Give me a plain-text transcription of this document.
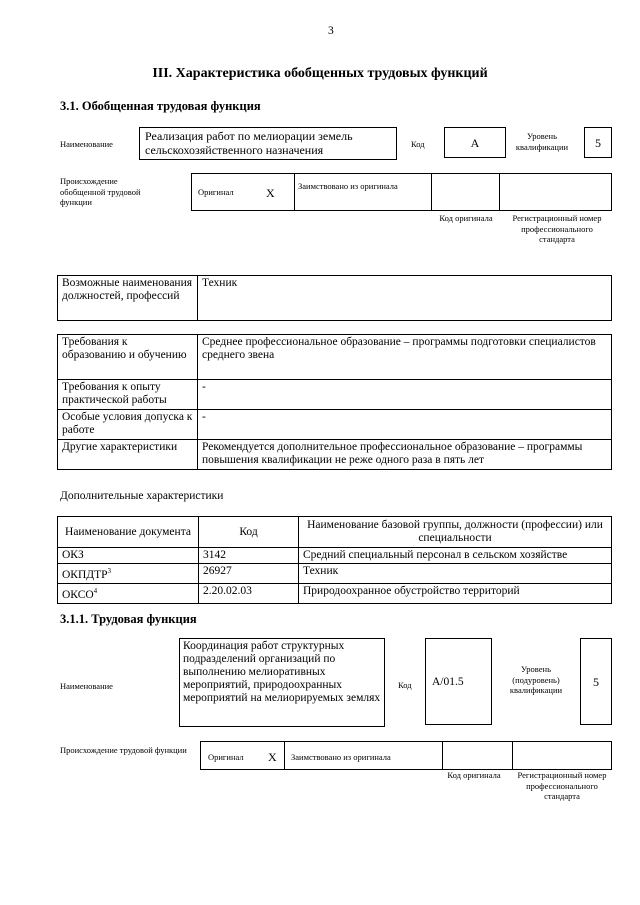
3
III. Характеристика обобщенных трудовых функций
3.1. Обобщенная трудовая функция
Наименование
Реализация работ по мелиорации земель сельскохозяйственного назначения	Код	А	Уровень квалификации	5
Происхождение обобщенной трудовой функции
Оригинал	X	Заимствовано из оригинала
Код оригинала	Регистрационный номер профессионального стандарта
Возможные наименования должностей, профессий	Техник
Требования к образованию и обучению	Среднее профессиональное образование – программы подготовки специалистов среднего звена
Требования к опыту практической работы	-
Особые условия допуска к работе	-
Другие характеристики	Рекомендуется дополнительное профессиональное образование – программы повышения квалификации не реже одного раза в пять лет
Дополнительные характеристики
Наименование документа	Код	Наименование базовой группы, должности (профессии) или специальности
ОКЗ	3142	Средний специальный персонал в сельском хозяйстве
ОКПДТР$^3$	26927	Техник
ОКСО$^4$	2.20.02.03	Природоохранное обустройство территорий
3.1.1. Трудовая функция
Наименование
Координация работ структурных подразделений организаций по выполнению мелиоративных мероприятий, природоохранных мероприятий на мелиорируемых землях
Код	А/01.5
Уровень (подуровень) квалификации
5
Происхождение трудовой функции
Оригинал X Заимствовано из оригинала
Код оригинала	Регистрационный номер профессионального стандарта
